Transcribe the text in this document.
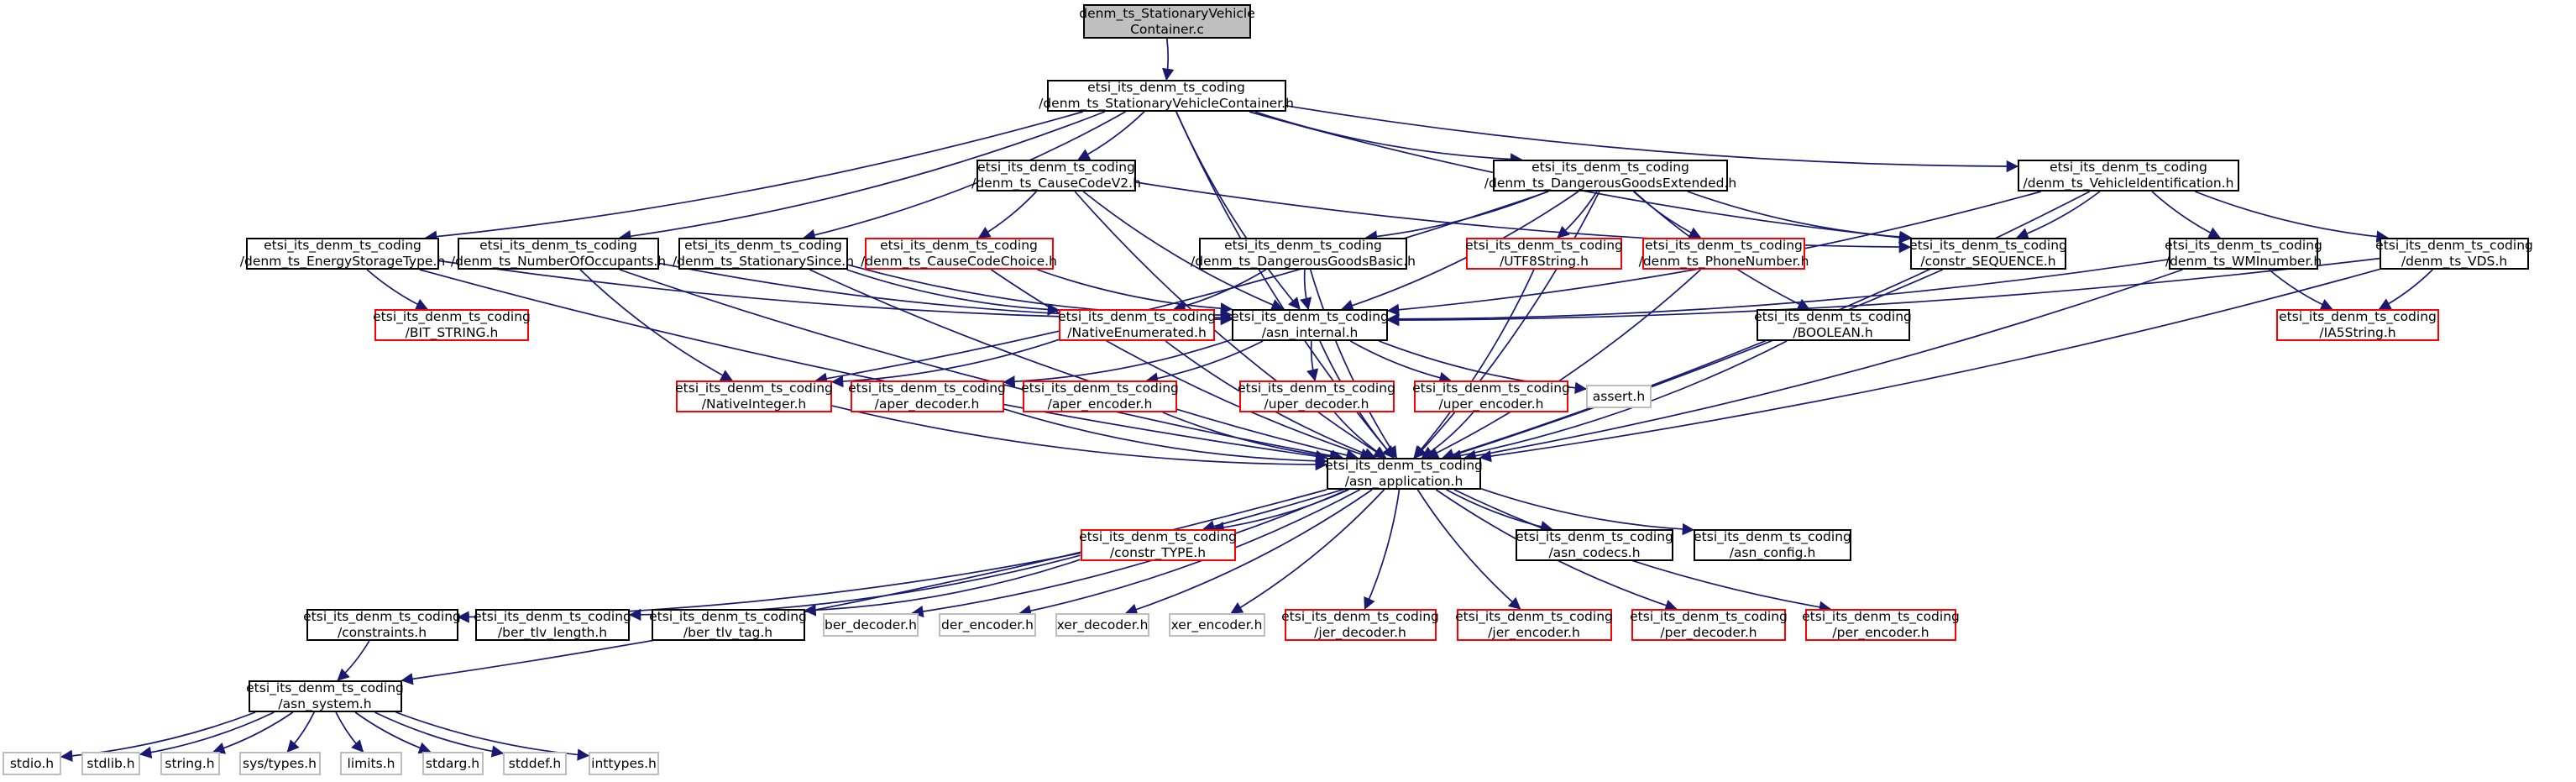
denm_ts_StationaryVehicle
Container.c
etsi_its_denm_ts_coding
/denm_ts_StationaryVehicleContainer.h
etsi_its_denm_ts_coding
/denm_ts_CauseCodeV2.h
etsi_its_denm_ts_coding
/denm_ts_DangerousGoodsExtended.h
etsi_its_denm_ts_coding
/denm_ts_VehicleIdentification.h
etsi_its_denm_ts_coding
/denm_ts_EnergyStorageType.h
etsi_its_denm_ts_coding
/denm_ts_NumberOfOccupants.h
etsi_its_denm_ts_coding
/denm_ts_StationarySince.h
etsi_its_denm_ts_coding
/denm_ts_CauseCodeChoice.h
etsi_its_denm_ts_coding
/denm_ts_DangerousGoodsBasic.h
etsi_its_denm_ts_coding
/UTF8String.h
etsi_its_denm_ts_coding
/denm_ts_PhoneNumber.h
etsi_its_denm_ts_coding
/constr_SEQUENCE.h
etsi_its_denm_ts_coding
/denm_ts_WMInumber.h
etsi_its_denm_ts_coding
/denm_ts_VDS.h
etsi_its_denm_ts_coding
/BIT_STRING.h
etsi_its_denm_ts_coding
/NativeEnumerated.h
etsi_its_denm_ts_coding
/asn_internal.h
etsi_its_denm_ts_coding
/BOOLEAN.h
etsi_its_denm_ts_coding
/IA5String.h
etsi_its_denm_ts_coding
/NativeInteger.h
etsi_its_denm_ts_coding
/aper_decoder.h
etsi_its_denm_ts_coding
/aper_encoder.h
etsi_its_denm_ts_coding
/uper_decoder.h
etsi_its_denm_ts_coding
/uper_encoder.h
assert.h
etsi_its_denm_ts_coding
/asn_application.h
etsi_its_denm_ts_coding
/constr_TYPE.h
etsi_its_denm_ts_coding
/asn_codecs.h
etsi_its_denm_ts_coding
/asn_config.h
etsi_its_denm_ts_coding
/constraints.h
etsi_its_denm_ts_coding
/ber_tlv_length.h
etsi_its_denm_ts_coding
/ber_tlv_tag.h
ber_decoder.h der_encoder.h xer_decoder.h xer_encoder.h
etsi_its_denm_ts_coding
/jer_decoder.h
etsi_its_denm_ts_coding
/jer_encoder.h
etsi_its_denm_ts_coding
/per_decoder.h
etsi_its_denm_ts_coding
/per_encoder.h
etsi_its_denm_ts_coding
/asn_system.h
stdio.h	stdlib.h string.h sys/types.h limits.h stdarg.h stddef.h inttypes.h
